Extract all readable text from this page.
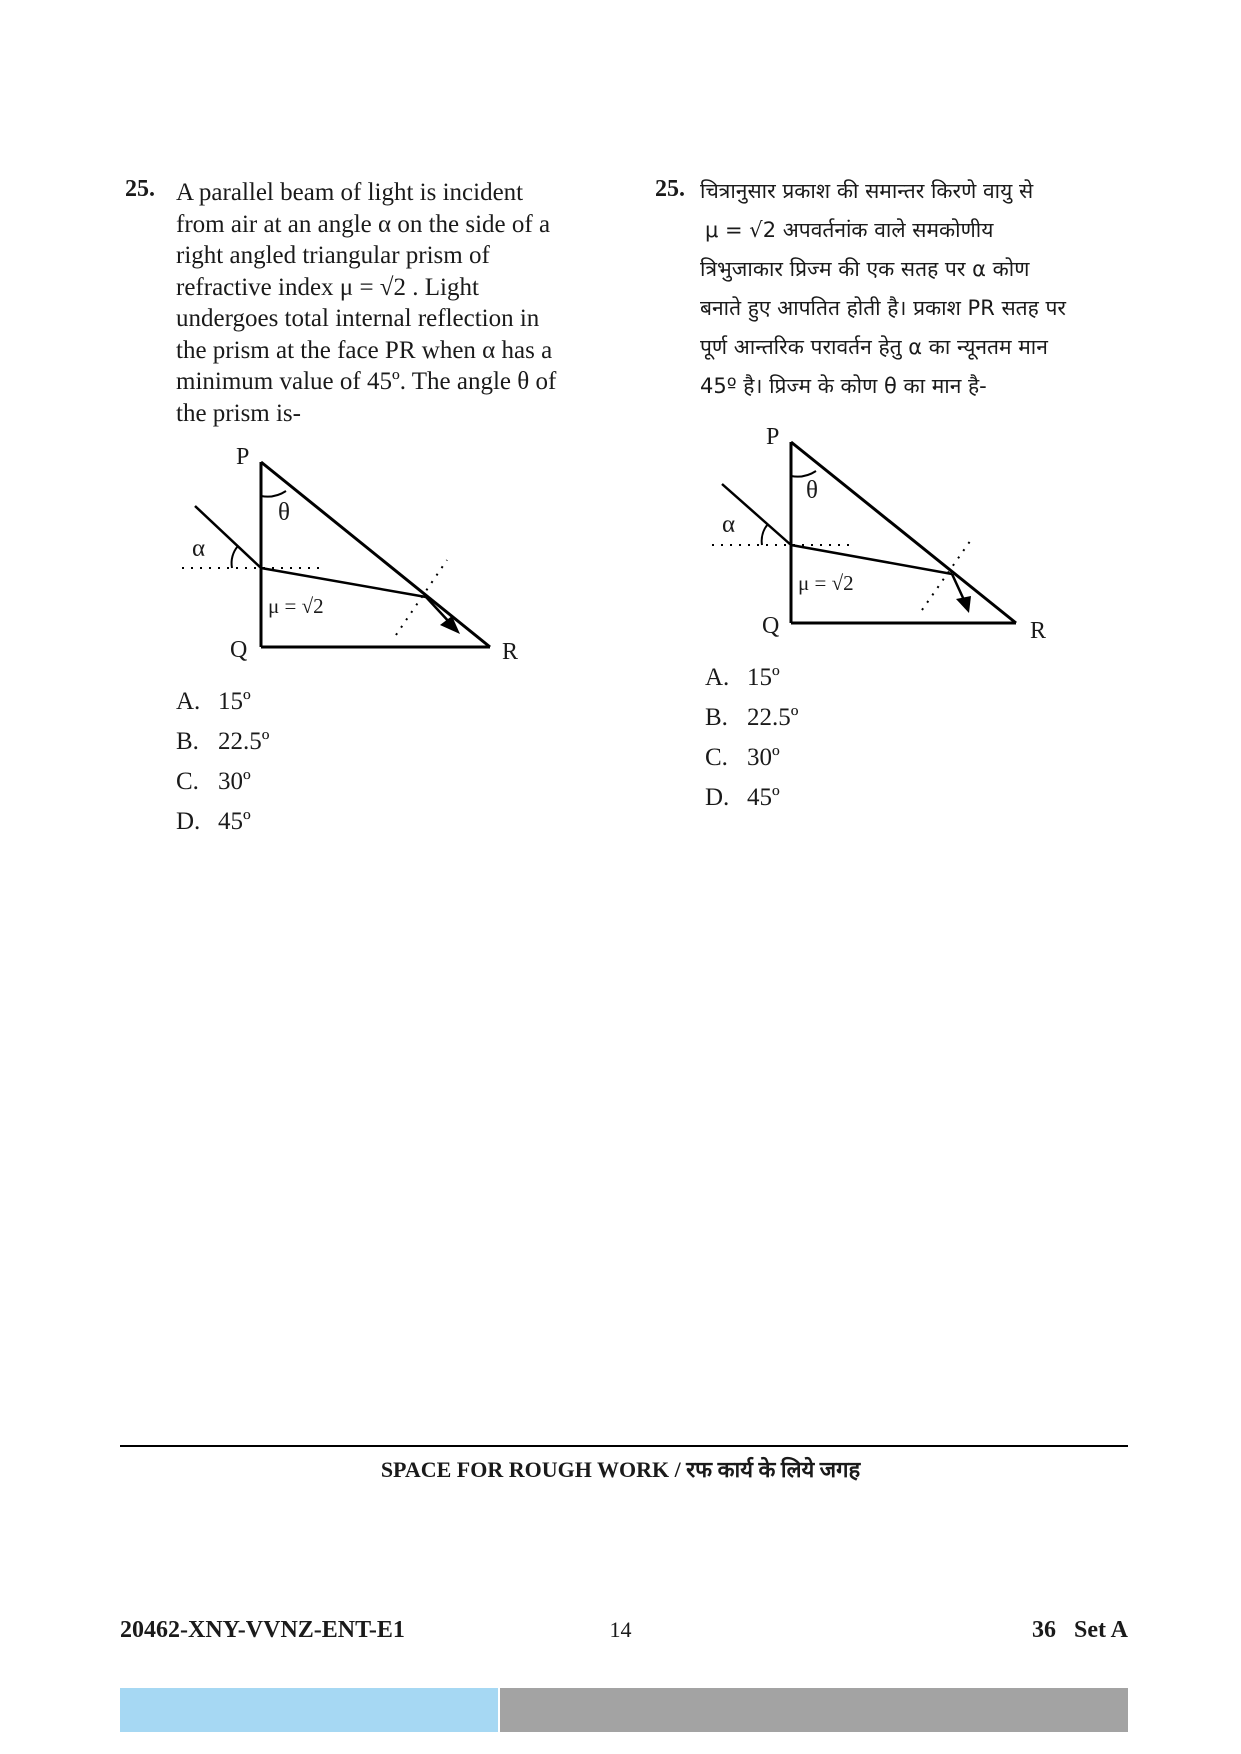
25. A parallel beam of light is incident
from air at an angle α on the side of a
right angled triangular prism of
refractive index μ = √2 . Light
undergoes total internal reflection in
the prism at the face PR when α has a
minimum value of 45º. The angle θ of
the prism is-
P
Q	R
θ
α
μ = √2
A. 15º
B. 22.5º
C. 30º
D. 45º
25. चित्रानुसार प्रकाश की समान्तर किरणे वायु से
μ = √2 अपवर्तनांक वाले समकोणीय
त्रिभुजाकार प्रिज्म की एक सतह पर α कोण
बनाते हुए आपतित होती है। प्रकाश PR सतह पर
पूर्ण आन्तरिक परावर्तन हेतु α का न्यूनतम मान
45º है। प्रिज्म के कोण θ का मान है-
P
Q	R
θ
α
μ = √2
A. 15º
B. 22.5º
C. 30º
D. 45º
SPACE FOR ROUGH WORK / रफ कार्य के लिये जगह
20462-XNY-VVNZ-ENT-E1	14	36   Set A
